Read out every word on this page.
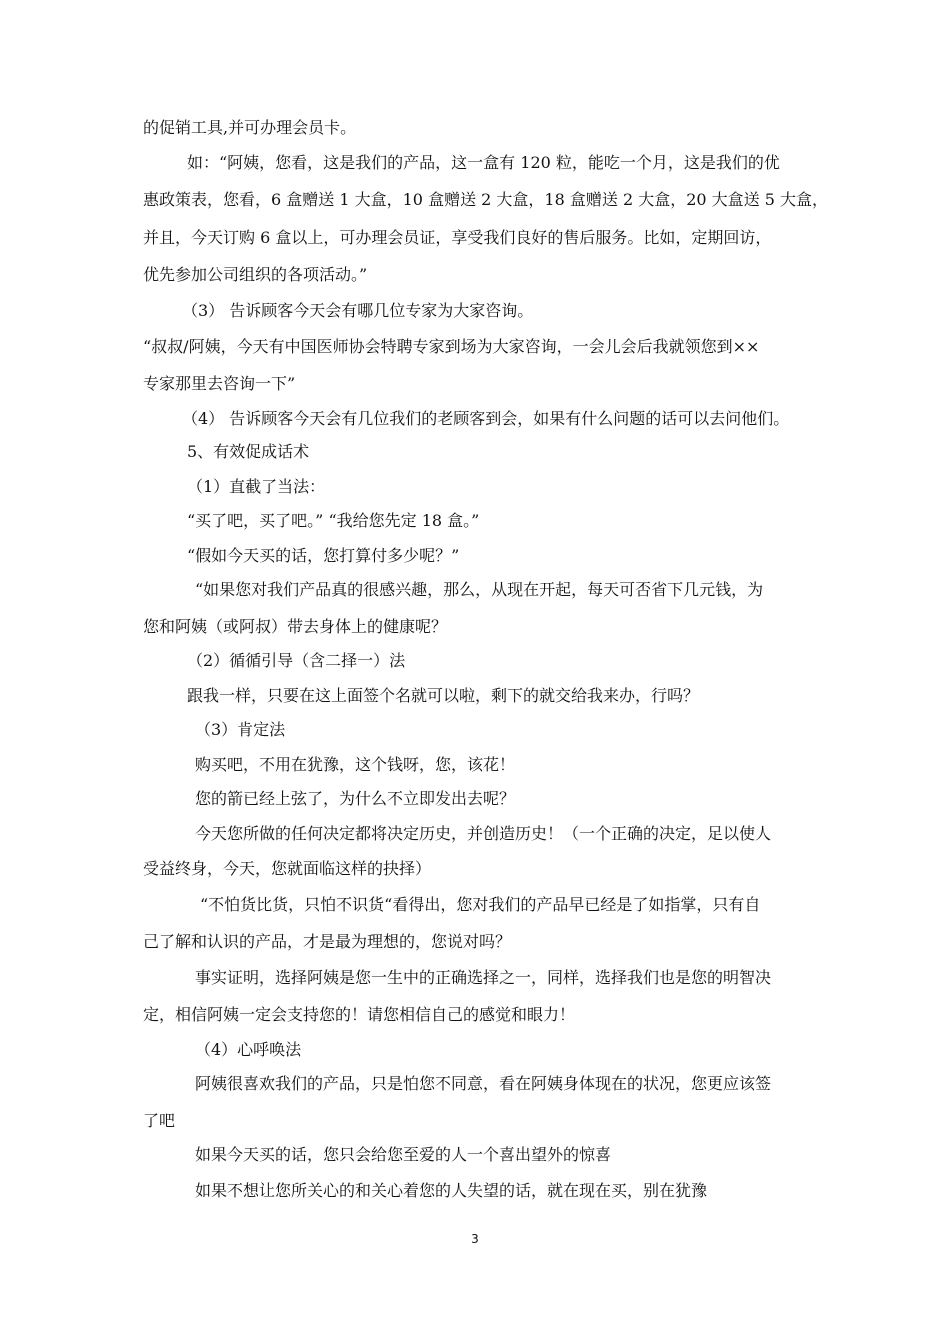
的促销工具,并可办理会员卡。
如：“阿姨，您看，这是我们的产品，这一盒有 120 粒，能吃一个月，这是我们的优
惠政策表，您看，6 盒赠送 1 大盒，10 盒赠送 2 大盒，18 盒赠送 2 大盒，20 大盒送 5 大盒，
并且，今天订购 6 盒以上，可办理会员证，享受我们良好的售后服务。比如，定期回访，
优先参加公司组织的各项活动。”
（3） 告诉顾客今天会有哪几位专家为大家咨询。
“叔叔/阿姨，今天有中国医师协会特聘专家到场为大家咨询，一会儿会后我就领您到××
专家那里去咨询一下”
（4） 告诉顾客今天会有几位我们的老顾客到会，如果有什么问题的话可以去问他们。
5、有效促成话术
（1）直截了当法：
“买了吧，买了吧。” “我给您先定 18 盒。”
“假如今天买的话，您打算付多少呢？”
“如果您对我们产品真的很感兴趣，那么，从现在开起，每天可否省下几元钱，为
您和阿姨（或阿叔）带去身体上的健康呢？
（2）循循引导（含二择一）法
跟我一样，只要在这上面签个名就可以啦，剩下的就交给我来办，行吗？
（3）肯定法
购买吧，不用在犹豫，这个钱呀，您，该花！
您的箭已经上弦了，为什么不立即发出去呢？
今天您所做的任何决定都将决定历史，并创造历史！（一个正确的决定，足以使人
受益终身，今天，您就面临这样的抉择）
“不怕货比货，只怕不识货“看得出，您对我们的产品早已经是了如指掌，只有自
己了解和认识的产品，才是最为理想的，您说对吗？
事实证明，选择阿姨是您一生中的正确选择之一，同样，选择我们也是您的明智决
定，相信阿姨一定会支持您的！请您相信自己的感觉和眼力！
（4）心呼唤法
阿姨很喜欢我们的产品，只是怕您不同意，看在阿姨身体现在的状况，您更应该签
了吧
如果今天买的话，您只会给您至爱的人一个喜出望外的惊喜
如果不想让您所关心的和关心着您的人失望的话，就在现在买，别在犹豫
3
